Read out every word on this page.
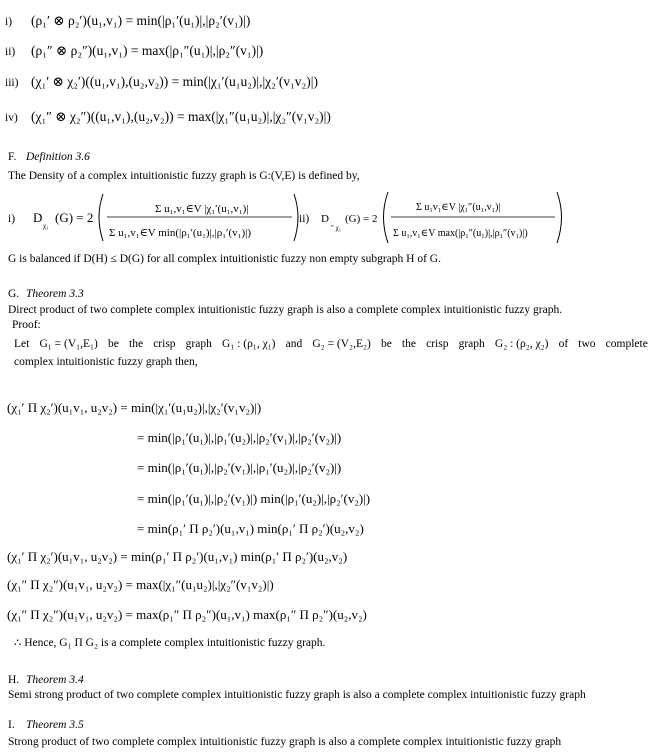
i) (ρ₁′ ⊗ ρ₂′)(u₁,v₁) = min(|ρ₁′(u₁)|,|ρ₂′(v₁)|)
ii) (ρ₁″ ⊗ ρ₂″)(u₁,v₁) = max(|ρ₁″(u₁)|,|ρ₂″(v₁)|)
iii) (χ₁′ ⊗ χ₂′)((u₁,v₁),(u₂,v₂)) = min(|χ₁′(u₁u₂)|,|χ₂′(v₁v₂)|)
iv) (χ₁″ ⊗ χ₂″)((u₁,v₁),(u₂,v₂)) = max(|χ₁″(u₁u₂)|,|χ₂″(v₁v₂)|)
F. Definition 3.6
The Density of a complex intuitionistic fuzzy graph is G:(V,E) is defined by,
i) D
χ₁
(G) = 2
Σ u₁,v₁∈V |χ₁′(u₁,v₁)|
Σ u₁,v₁∈V min(|ρ₁′(u₁)|,|ρ₁′(v₁)|)
ii) D
″ χ₁
(G) = 2
Σ u₁v₁∈V |χ₁″(u₁,v₁)|
Σ u₁,v₁∈V max(|ρ₁″(u₁)|,|ρ₁″(v₁)|)
G is balanced if D(H) ≤ D(G) for all complex intuitionistic fuzzy non empty subgraph H of G.
G. Theorem 3.3
Direct product of two complete complex intuitionistic fuzzy graph is also a complete complex intuitionistic fuzzy graph.
Proof:
Let G₁ = (V₁,E₁) be the crisp graph G₁ : (ρ₁, χ₁) and G₂ = (V₂,E₂) be the crisp graph G₂ : (ρ₂, χ₂) of two complete
complex intuitionistic fuzzy graph then,
(χ₁′ Π χ₂′)(u₁v₁, u₂v₂) = min(|χ₁′(u₁u₂)|,|χ₂′(v₁v₂)|)
= min(|ρ₁′(u₁)|,|ρ₁′(u₂)|,|ρ₂′(v₁)|,|ρ₂′(v₂)|)
= min(|ρ₁′(u₁)|,|ρ₂′(v₁)|,|ρ₁′(u₂)|,|ρ₂′(v₂)|)
= min(|ρ₁′(u₁)|,|ρ₂′(v₁)|) min(|ρ₁′(u₂)|,|ρ₂′(v₂)|)
= min(ρ₁′ Π ρ₂′)(u₁,v₁) min(ρ₁′ Π ρ₂′)(u₂,v₂)
(χ₁′ Π χ₂′)(u₁v₁, u₂v₂) = min(ρ₁′ Π ρ₂′)(u₁,v₁) min(ρ₁′ Π ρ₂′)(u₂,v₂)
(χ₁″ Π χ₂″)(u₁v₁, u₂v₂) = max(|χ₁″(u₁u₂)|,|χ₂″(v₁v₂)|)
(χ₁″ Π χ₂″)(u₁v₁, u₂v₂) = max(ρ₁″ Π ρ₂″)(u₁,v₁) max(ρ₁″ Π ρ₂″)(u₂,v₂)
∴ Hence, G₁ Π G₂ is a complete complex intuitionistic fuzzy graph.
H. Theorem 3.4
Semi strong product of two complete complex intuitionistic fuzzy graph is also a complete complex intuitionistic fuzzy graph
I. Theorem 3.5
Strong product of two complete complex intuitionistic fuzzy graph is also a complete complex intuitionistic fuzzy graph
